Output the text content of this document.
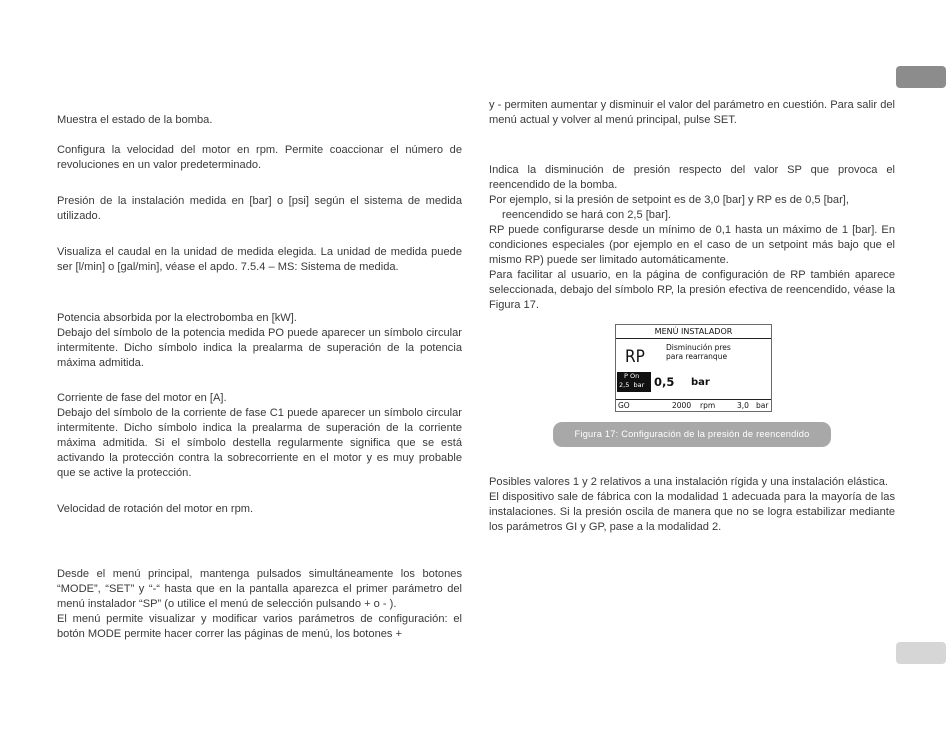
Muestra el estado de la bomba.
Configura la velocidad del motor en rpm. Permite coaccionar el número de revoluciones en un valor predeterminado.
Presión de la instalación medida en [bar] o [psi] según el sistema de medida utilizado.
Visualiza el caudal en la unidad de medida elegida. La unidad de medida puede ser [l/min] o [gal/min], véase el apdo. 7.5.4 – MS: Sistema de medida.
Potencia absorbida por la electrobomba en [kW].
Debajo del símbolo de la potencia medida PO puede aparecer un símbolo circular intermitente. Dicho símbolo indica la prealarma de superación de la potencia máxima admitida.
Corriente de fase del motor en [A].
Debajo del símbolo de la corriente de fase C1 puede aparecer un símbolo circular intermitente. Dicho símbolo indica la prealarma de superación de la corriente máxima admitida. Si el símbolo destella regularmente significa que se está activando la protección contra la sobrecorriente en el motor y es muy probable que se active la protección.
Velocidad de rotación del motor en rpm.
Desde el menú principal, mantenga pulsados simultáneamente los botones “MODE”, “SET” y “-“ hasta que en la pantalla aparezca el primer parámetro del menú instalador “SP” (o utilice el menú de selección pulsando + o - ).
El menú permite visualizar y modificar varios parámetros de configuración: el botón MODE permite hacer correr las páginas de menú, los botones +
y - permiten aumentar y disminuir el valor del parámetro en cuestión. Para salir del menú actual y volver al menú principal, pulse SET.
Indica la disminución de presión respecto del valor SP que provoca el reencendido de la bomba.
Por ejemplo, si la presión de setpoint es de 3,0 [bar] y RP es de 0,5 [bar],
reencendido se hará con 2,5 [bar].
RP puede configurarse desde un mínimo de 0,1 hasta un máximo de 1 [bar]. En condiciones especiales (por ejemplo en el caso de un setpoint más bajo que el mismo RP) puede ser limitado automáticamente.
Para facilitar al usuario, en la página de configuración de RP también aparece seleccionada, debajo del símbolo RP, la presión efectiva de reencendido, véase la Figura 17.
Posibles valores 1 y 2 relativos a una instalación rígida y una instalación elástica.
El dispositivo sale de fábrica con la modalidad 1 adecuada para la mayoría de las instalaciones. Si la presión oscila de manera que no se logra estabilizar mediante los parámetros GI y GP, pase a la modalidad 2.
MENÚ INSTALADOR
RP	Disminución pres
para rearranque
P On
2,5 bar 0,5 bar
GO	2000 rpm	3,0 bar
Figura 17: Configuración de la presión de reencendido
